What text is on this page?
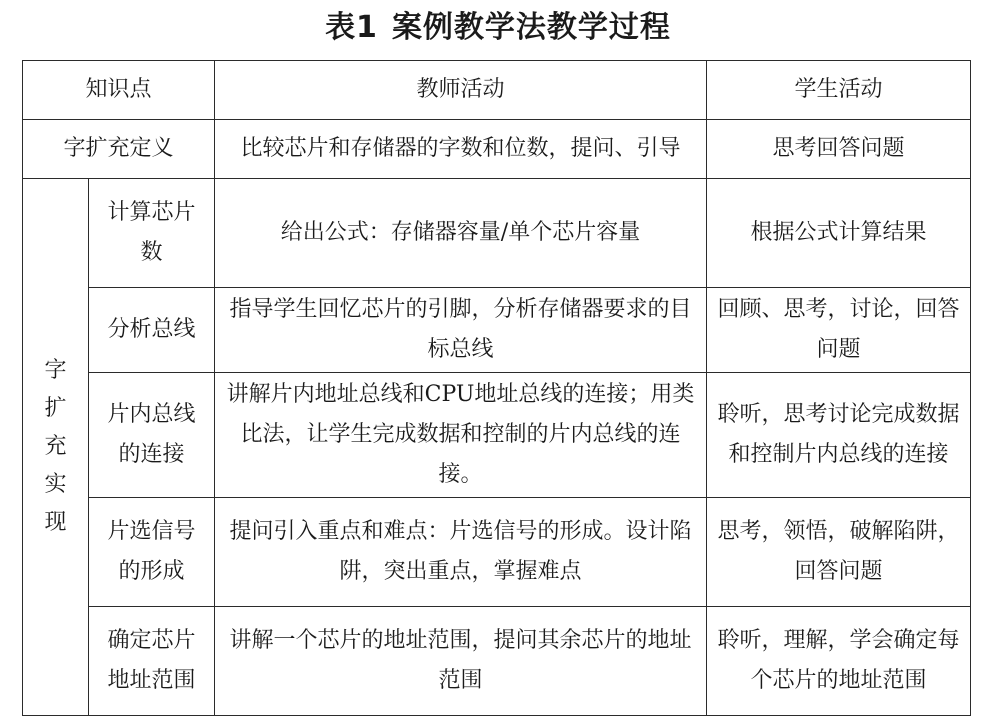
表1 案例教学法教学过程
知识点		教师活动	学生活动
字扩充定义		比较芯片和存储器的字数和位数，提问、引导	思考回答问题
字扩充实现	计算芯片数	给出公式：存储器容量/单个芯片容量	根据公式计算结果
	分析总线	指导学生回忆芯片的引脚，分析存储器要求的目标总线	回顾、思考，讨论，回答问题
	片内总线的连接	讲解片内地址总线和CPU地址总线的连接；用类比法，让学生完成数据和控制的片内总线的连接。	聆听，思考讨论完成数据和控制片内总线的连接
	片选信号的形成	提问引入重点和难点：片选信号的形成。设计陷阱，突出重点，掌握难点	思考，领悟，破解陷阱，回答问题
	确定芯片地址范围	讲解一个芯片的地址范围，提问其余芯片的地址范围	聆听，理解，学会确定每个芯片的地址范围
